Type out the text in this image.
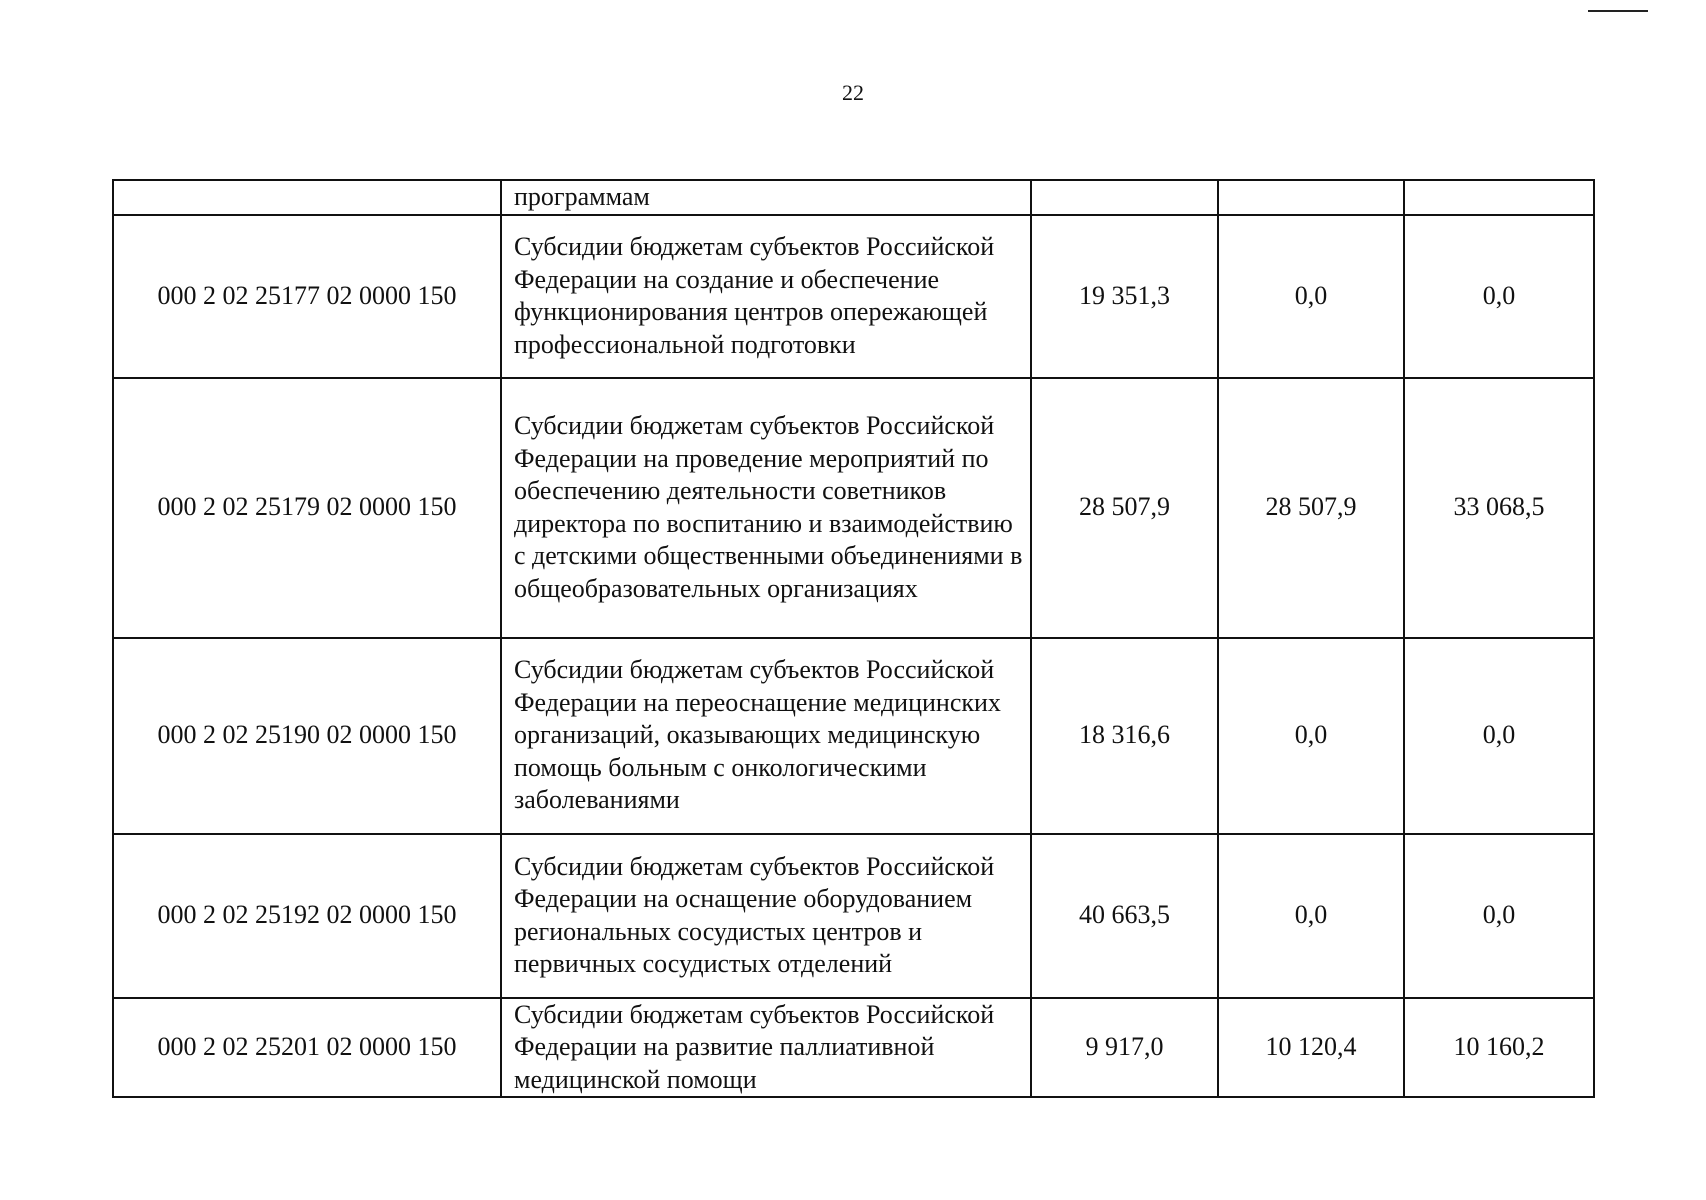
22
	программам			
000 2 02 25177 02 0000 150	Субсидии бюджетам субъектов Российской Федерации на создание и обеспечение функционирования центров опережающей профессиональной подготовки	19 351,3	0,0	0,0
000 2 02 25179 02 0000 150	Субсидии бюджетам субъектов Российской Федерации на проведение мероприятий по обеспечению деятельности советников директора по воспитанию и взаимодействию с детскими общественными объединениями в общеобразовательных организациях	28 507,9	28 507,9	33 068,5
000 2 02 25190 02 0000 150	Субсидии бюджетам субъектов Российской Федерации на переоснащение медицинских организаций, оказывающих медицинскую помощь больным с онкологическими заболеваниями	18 316,6	0,0	0,0
000 2 02 25192 02 0000 150	Субсидии бюджетам субъектов Российской Федерации на оснащение оборудованием региональных сосудистых центров и первичных сосудистых отделений	40 663,5	0,0	0,0
000 2 02 25201 02 0000 150	Субсидии бюджетам субъектов Российской Федерации на развитие паллиативной медицинской помощи	9 917,0	10 120,4	10 160,2
